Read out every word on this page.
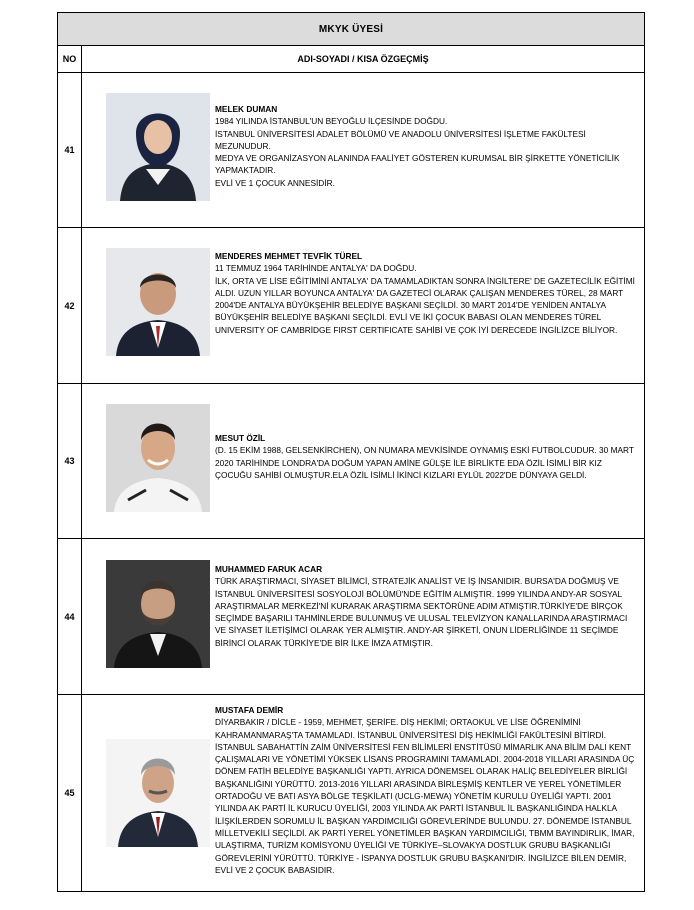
MKYK ÜYESİ	
NO	ADI-SOYADI / KISA ÖZGEÇMİŞ
41	MELEK DUMAN
1984 YILINDA İSTANBUL'UN BEYOĞLU İLÇESİNDE DOĞDU.
İSTANBUL ÜNİVERSİTESİ ADALET BÖLÜMÜ VE ANADOLU ÜNİVERSİTESİ İŞLETME FAKÜLTESİ MEZUNUDUR.
MEDYA VE ORGANİZASYON ALANINDA FAALİYET GÖSTEREN KURUMSAL BİR ŞİRKETTE YÖNETİCİLİK YAPMAKTADIR.
EVLİ VE 1 ÇOCUK ANNESİDİR.

42	MENDERES MEHMET TEVFİK TÜREL
11 TEMMUZ 1964 TARİHİNDE ANTALYA' DA DOĞDU.
İLK, ORTA VE LİSE EĞİTİMİNİ ANTALYA' DA TAMAMLADIKTAN SONRA İNGİLTERE' DE GAZETECİLİK EĞİTİMİ ALDI. UZUN YILLAR BOYUNCA ANTALYA' DA GAZETECİ OLARAK ÇALIŞAN MENDERES TÜREL, 28 MART 2004'DE ANTALYA BÜYÜKŞEHİR BELEDİYE BAŞKANI SEÇİLDİ. 30 MART 2014'DE YENİDEN ANTALYA BÜYÜKŞEHİR BELEDİYE BAŞKANI SEÇİLDİ. EVLİ VE İKİ ÇOCUK BABASI OLAN MENDERES TÜREL UNIVERSITY OF CAMBRİDGE FIRST CERTIFICATE SAHİBİ VE ÇOK İYİ DERECEDE İNGİLİZCE BİLİYOR.

43	MESUT ÖZİL
(D. 15 EKİM 1988, GELSENKİRCHEN), ON NUMARA MEVKİSİNDE OYNAMIŞ ESKİ FUTBOLCUDUR. 30 MART 2020 TARİHİNDE LONDRA'DA DOĞUM YAPAN AMİNE GÜLŞE İLE BİRLİKTE EDA ÖZİL İSİMLİ BİR KIZ ÇOCUĞU SAHİBİ OLMUŞTUR.ELA ÖZİL İSİMLİ İKİNCİ KIZLARI EYLÜL 2022'DE DÜNYAYA GELDİ.

44	MUHAMMED FARUK ACAR
TÜRK ARAŞTIRMACI, SİYASET BİLİMCİ, STRATEJİK ANALİST VE İŞ İNSANIDIR. BURSA'DA DOĞMUŞ VE İSTANBUL ÜNİVERSİTESİ SOSYOLOJİ BÖLÜMÜ'NDE EĞİTİM ALMIŞTIR. 1999 YILINDA ANDY-AR SOSYAL ARAŞTIRMALAR MERKEZİ'Nİ KURARAK ARAŞTIRMA SEKTÖRÜNE ADIM ATMIŞTIR.TÜRKİYE'DE BİRÇOK SEÇİMDE BAŞARILI TAHMİNLERDE BULUNMUŞ VE ULUSAL TELEVİZYON KANALLARINDA ARAŞTIRMACI VE SİYASET İLETİŞİMCİ OLARAK YER ALMIŞTIR. ANDY-AR ŞİRKETİ, ONUN LİDERLİĞİNDE 11 SEÇİMDE BİRİNCİ OLARAK TÜRKİYE'DE BİR İLKE İMZA ATMIŞTIR.

45	MUSTAFA DEMİR
DİYARBAKIR / DİCLE - 1959, MEHMET, ŞERİFE. DİŞ HEKİMİ; ORTAOKUL VE LİSE ÖĞRENİMİNİ KAHRAMANMARAŞ'TA TAMAMLADI. İSTANBUL ÜNİVERSİTESİ DİŞ HEKİMLİĞİ FAKÜLTESİNİ BİTİRDİ. İSTANBUL SABAHATTİN ZAİM ÜNİVERSİTESİ FEN BİLİMLERİ ENSTİTÜSÜ MİMARLIK ANA BİLİM DALI KENT ÇALIŞMALARI VE YÖNETİMİ YÜKSEK LİSANS PROGRAMINI TAMAMLADI. 2004-2018 YILLARI ARASINDA ÜÇ DÖNEM FATİH BELEDİYE BAŞKANLIĞI YAPTI. AYRICA DÖNEMSEL OLARAK HALİÇ BELEDİYELER BİRLİĞİ BAŞKANLIĞINI YÜRÜTTÜ. 2013-2016 YILLARI ARASINDA BİRLEŞMİŞ KENTLER VE YEREL YÖNETİMLER ORTADOĞU VE BATI ASYA BÖLGE TEŞKİLATI (UCLG-MEWA) YÖNETİM KURULU ÜYELİĞİ YAPTI. 2001 YILINDA AK PARTİ İL KURUCU ÜYELİĞİ, 2003 YILINDA AK PARTİ İSTANBUL İL BAŞKANLIĞINDA HALKLA İLİŞKİLERDEN SORUMLU İL BAŞKAN YARDIMCILIĞI GÖREVLERİNDE BULUNDU. 27. DÖNEMDE İSTANBUL MİLLETVEKİLİ SEÇİLDİ. AK PARTİ YEREL YÖNETİMLER BAŞKAN YARDIMCILIĞI, TBMM BAYINDIRLIK, İMAR, ULAŞTIRMA, TURİZM KOMİSYONU ÜYELİĞİ VE TÜRKİYE–SLOVAKYA DOSTLUK GRUBU BAŞKANLIĞI GÖREVLERİNİ YÜRÜTTÜ. TÜRKİYE - İSPANYA DOSTLUK GRUBU BAŞKANI'DIR. İNGİLİZCE BİLEN DEMİR, EVLİ VE 2 ÇOCUK BABASIDIR.
